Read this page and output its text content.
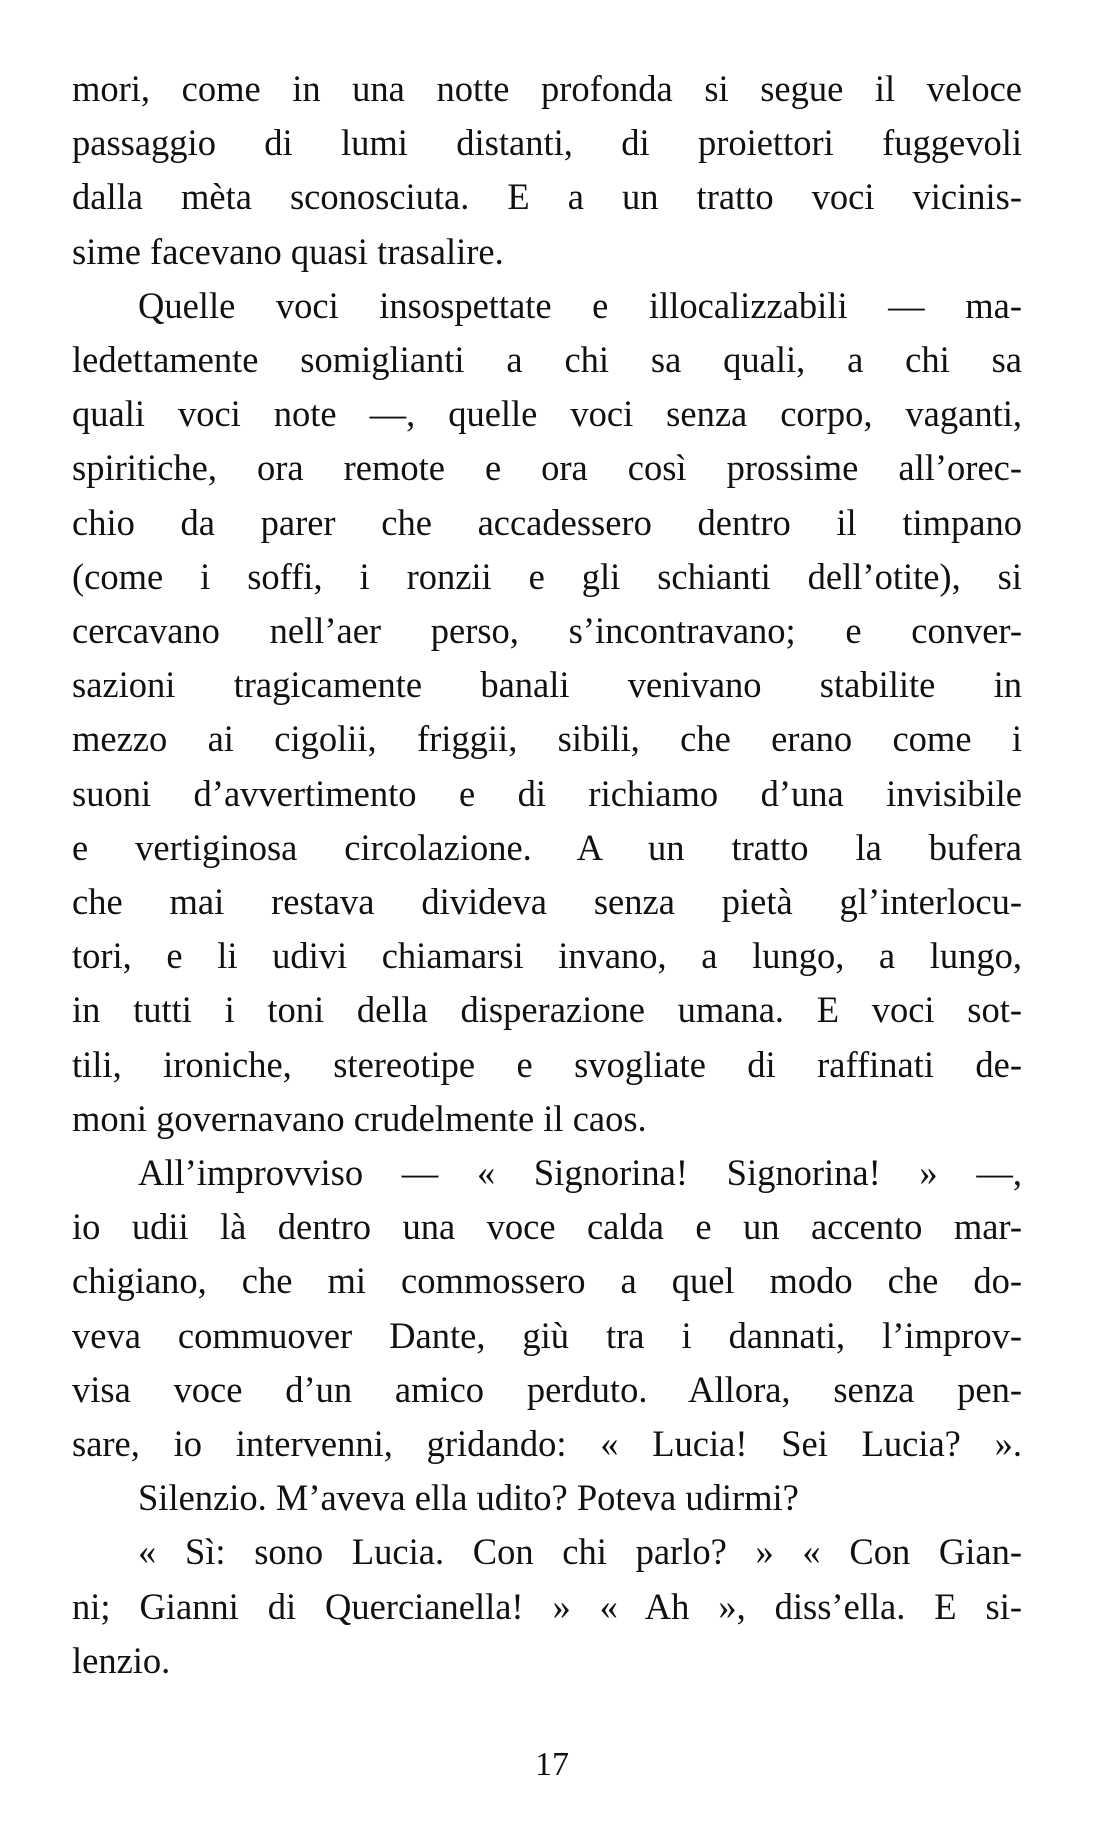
mori, come in una notte profonda si segue il veloce
passaggio di lumi distanti, di proiettori fuggevoli
dalla mèta sconosciuta. E a un tratto voci vicinis-
sime facevano quasi trasalire.

Quelle voci insospettate e illocalizzabili — ma-
ledettamente somiglianti a chi sa quali, a chi sa
quali voci note —, quelle voci senza corpo, vaganti,
spiritiche, ora remote e ora così prossime all’orec-
chio da parer che accadessero dentro il timpano
(come i soffi, i ronzii e gli schianti dell’otite), si
cercavano nell’aer perso, s’incontravano; e conver-
sazioni tragicamente banali venivano stabilite in
mezzo ai cigolii, friggii, sibili, che erano come i
suoni d’avvertimento e di richiamo d’una invisibile
e vertiginosa circolazione. A un tratto la bufera
che mai restava divideva senza pietà gl’interlocu-
tori, e li udivi chiamarsi invano, a lungo, a lungo,
in tutti i toni della disperazione umana. E voci sot-
tili, ironiche, stereotipe e svogliate di raffinati de-
moni governavano crudelmente il caos.

All’improvviso — « Signorina! Signorina! » —,
io udii là dentro una voce calda e un accento mar-
chigiano, che mi commossero a quel modo che do-
veva commuover Dante, giù tra i dannati, l’improv-
visa voce d’un amico perduto. Allora, senza pen-
sare, io intervenni, gridando: « Lucia! Sei Lucia? ».

Silenzio. M’aveva ella udito? Poteva udirmi?

« Sì: sono Lucia. Con chi parlo? » « Con Gian-
ni; Gianni di Quercianella! » « Ah », diss’ella. E si-
lenzio.

17
